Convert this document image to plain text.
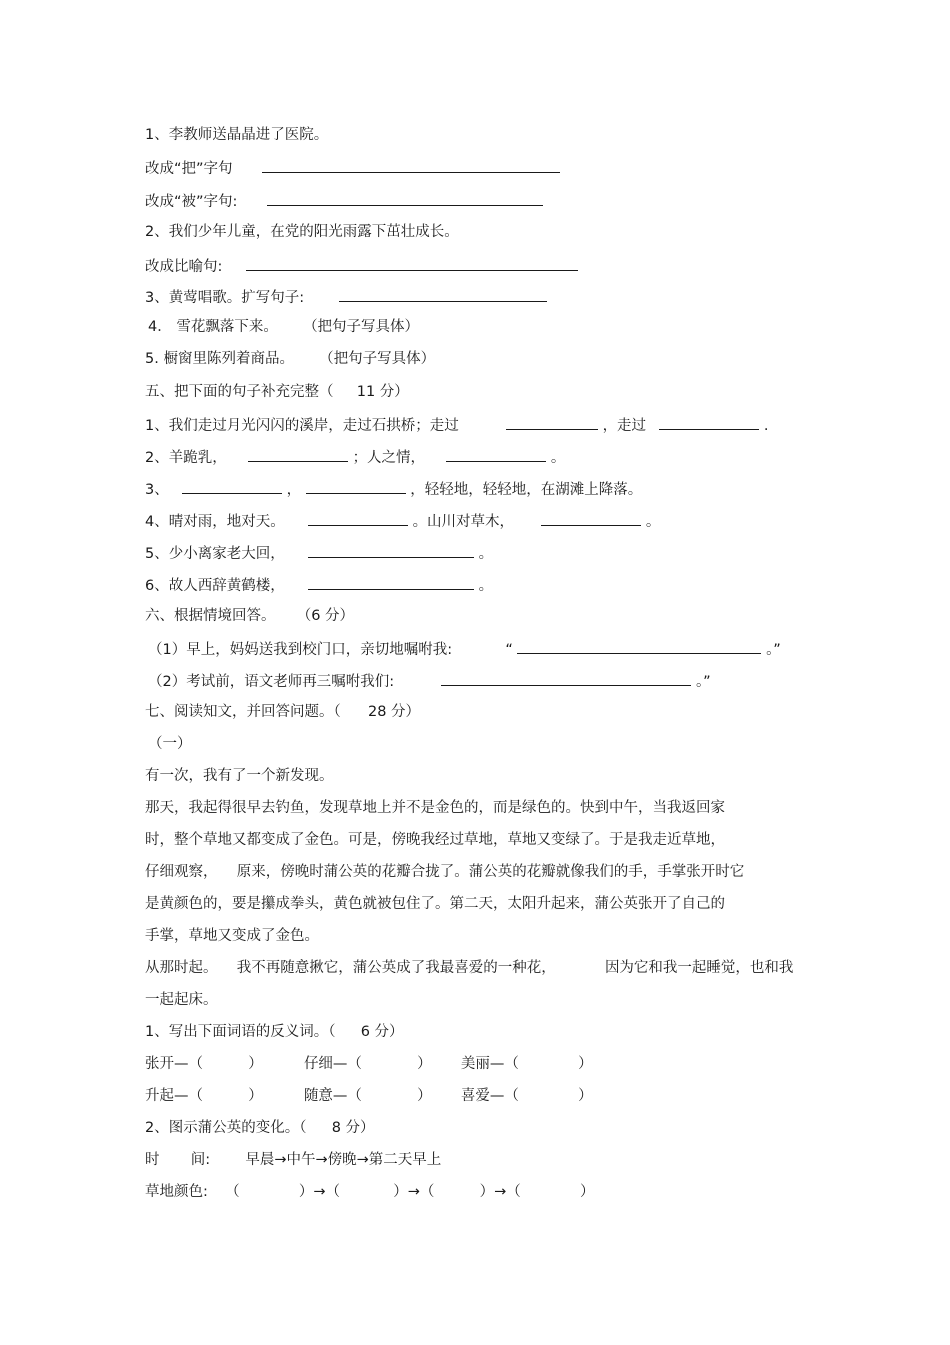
1、李教师送晶晶进了医院。
改成“把”字句
改成“被”字句:
2、我们少年儿童，在党的阳光雨露下茁壮成长。
改成比喻句:
3、黄莺唱歌。扩写句子:
4． 雪花飘落下来。 （把句子写具体）
5. 橱窗里陈列着商品。 （把句子写具体）
五、把下面的句子补充完整（ 11 分）
1、我们走过月光闪闪的溪岸，走过石拱桥；走过	，走过	.
2、羊跪乳，	；人之情，	。
3、	，	，轻轻地，轻轻地，在湖滩上降落。
4、晴对雨，地对天。	。山川对草木，	。
5、少小离家老大回，	。
6、故人西辞黄鹤楼，	。
六、根据情境回答。 （6 分）
（1）早上，妈妈送我到校门口，亲切地嘱咐我:	“	。”
（2）考试前，语文老师再三嘱咐我们:	。”
七、阅读知文，并回答问题。（ 28 分）
（一）
有一次，我有了一个新发现。
那天，我起得很早去钓鱼，发现草地上并不是金色的，而是绿色的。快到中午，当我返回家
时，整个草地又都变成了金色。可是，傍晚我经过草地，草地又变绿了。于是我走近草地，
仔细观察， 原来，傍晚时蒲公英的花瓣合拢了。蒲公英的花瓣就像我们的手，手掌张开时它
是黄颜色的，要是攥成拳头，黄色就被包住了。第二天，太阳升起来，蒲公英张开了自己的
手掌，草地又变成了金色。
从那时起。 我不再随意揪它，蒲公英成了我最喜爱的一种花，	因为它和我一起睡觉，也和我
一起起床。
1、写出下面词语的反义词。（ 6 分）
张开—（	）	仔细—（	） 美丽—（	）
升起—（	）	随意—（	） 喜爱—（	）
2、图示蒲公英的变化。（ 8 分）
时 间: 早晨→中午→傍晚→第二天早上
草地颜色: （	）→（	）→（	）→（	）
